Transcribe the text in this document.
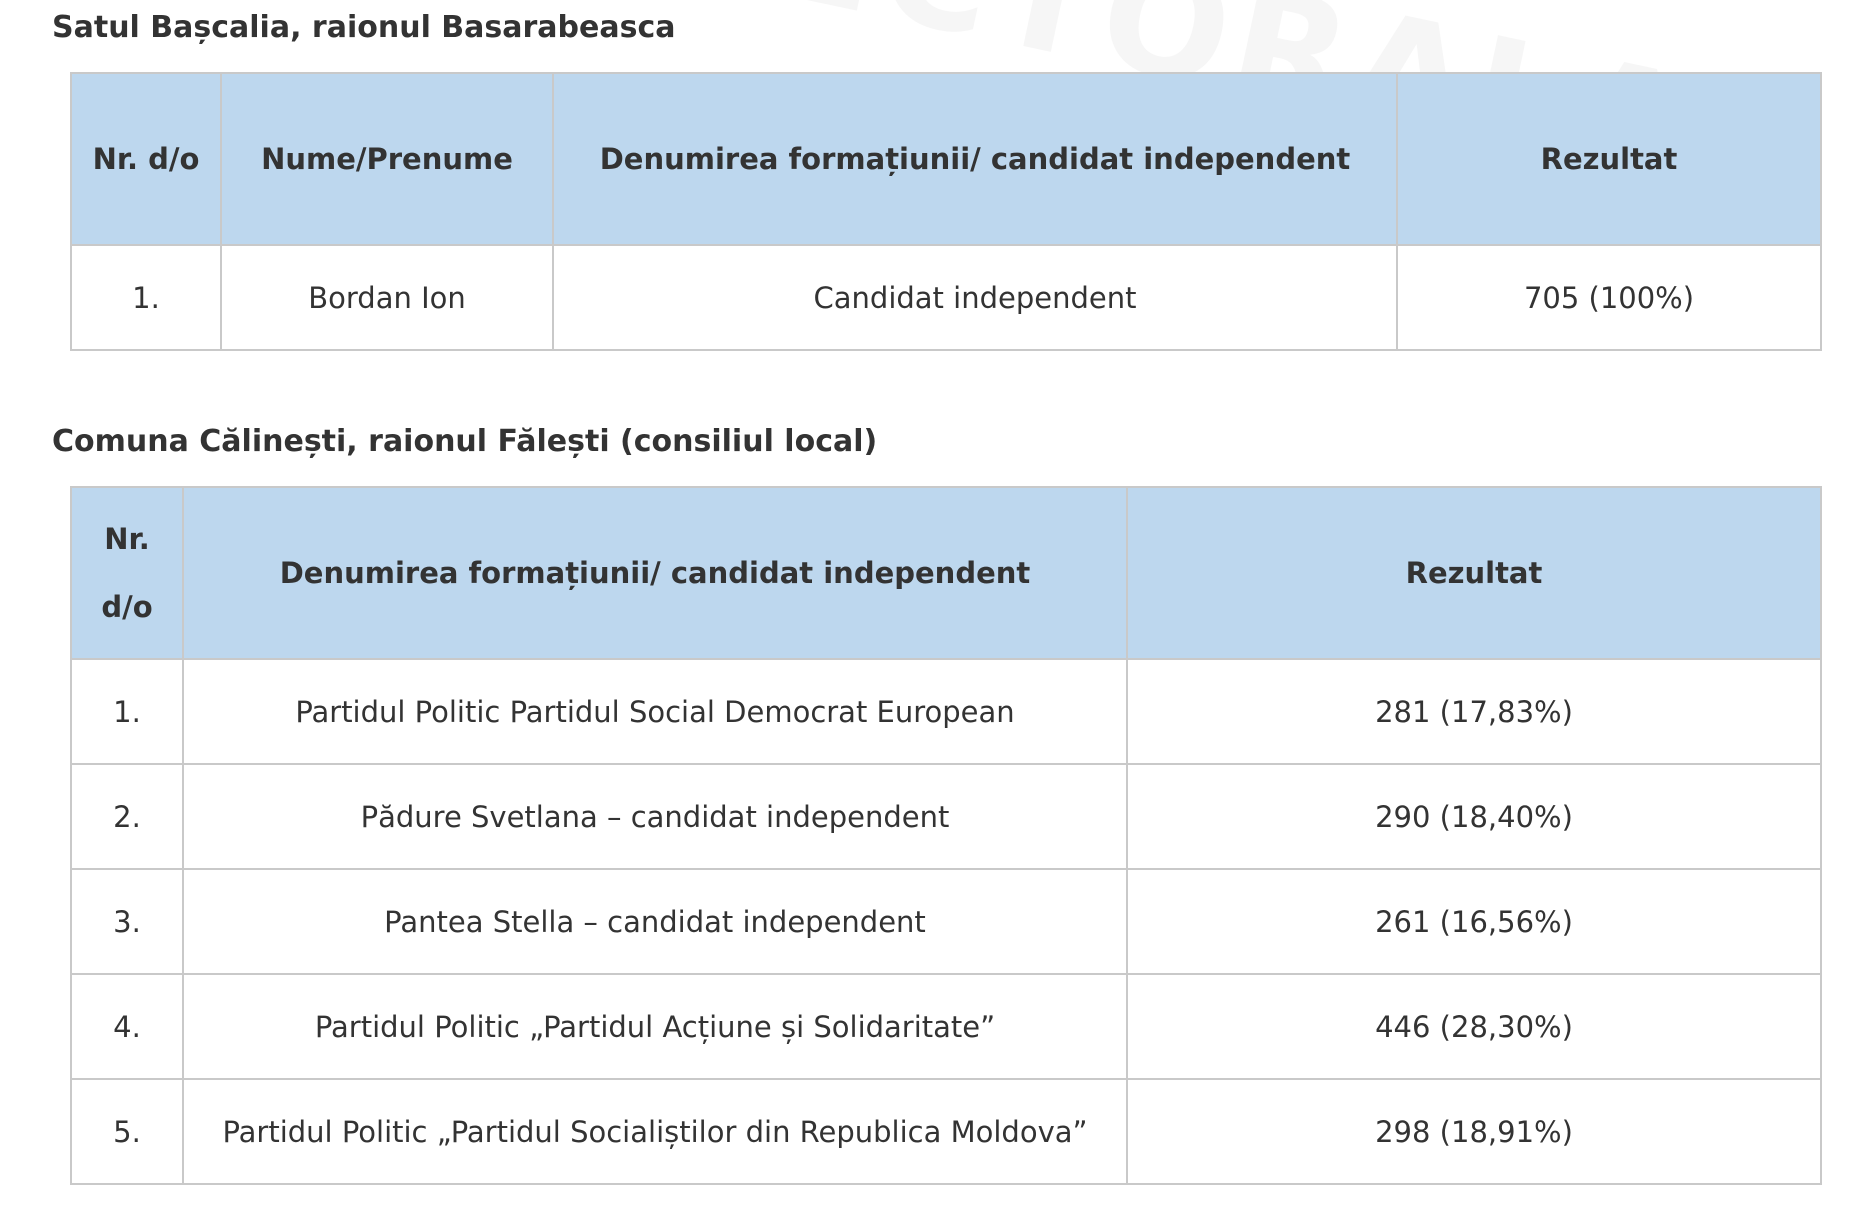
Satul Bașcalia, raionul Basarabeasca
Nr. d/o	Nume/Prenume	Denumirea formațiunii/ candidat independent	Rezultat
1.	Bordan Ion	Candidat independent	705 (100%)
Comuna Călinești, raionul Fălești (consiliul local)
Nr. d/o	Denumirea formațiunii/ candidat independent	Rezultat
1.	Partidul Politic Partidul Social Democrat European	281 (17,83%)
2.	Pădure Svetlana – candidat independent	290 (18,40%)
3.	Pantea Stella – candidat independent	261 (16,56%)
4.	Partidul Politic „Partidul Acțiune și Solidaritate”	446 (28,30%)
5.	Partidul Politic „Partidul Socialiștilor din Republica Moldova”	298 (18,91%)
